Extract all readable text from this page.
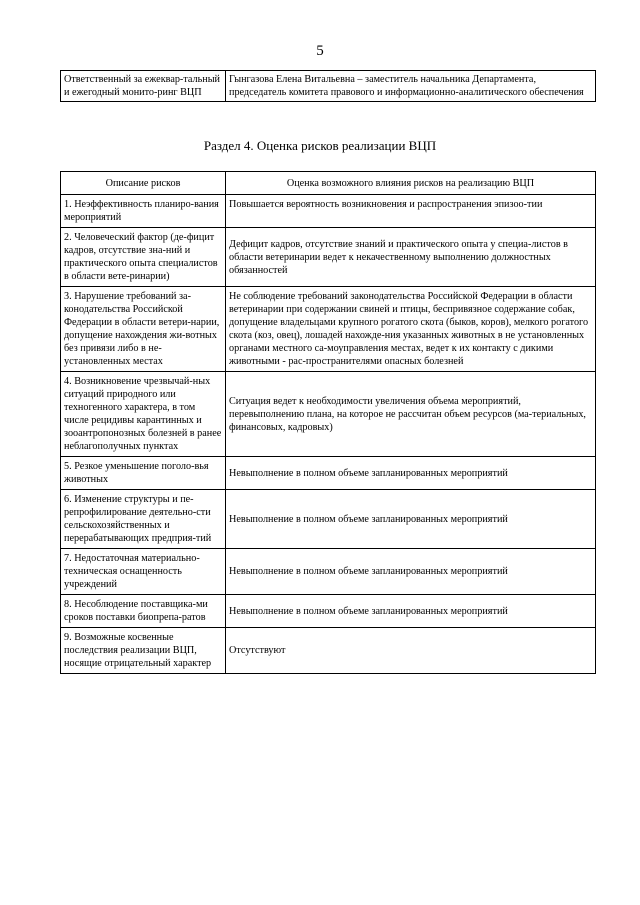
5
Ответственный за ежеквар-тальный и ежегодный монито-ринг ВЦП	Гынгазова Елена Витальевна – заместитель начальника Департамента, председатель комитета правового и информационно-аналитического обеспечения
Раздел 4. Оценка рисков реализации ВЦП
Описание рисков	Оценка возможного влияния рисков на реализацию ВЦП
1. Неэффективность планиро-вания мероприятий	Повышается вероятность возникновения и распространения эпизоо-тии
2. Человеческий фактор (де-фицит кадров, отсутствие зна-ний и практического опыта специалистов в области вете-ринарии)	Дефицит кадров, отсутствие знаний и практического опыта у специа-листов в области ветеринарии ведет к некачественному выполнению должностных обязанностей
3. Нарушение требований за-конодательства Российской Федерации в области ветери-нарии, допущение нахождения жи-вотных без привязи либо в не-установленных местах	Не соблюдение требований законодательства Российской Федерации в области ветеринарии при содержании свиней и птицы, беспривязное содержание собак, допущение владельцами крупного рогатого скота (быков, коров), мелкого рогатого скота (коз, овец), лошадей нахожде-ния указанных животных в не установленных органами местного са-моуправления местах, ведет к их контакту с дикими животными - рас-пространителями опасных болезней
4. Возникновение чрезвычай-ных ситуаций природного или техногенного характера, в том числе рецидивы карантинных и зооантропонозных болезней в ранее неблагополучных пунктах	Ситуация ведет к необходимости увеличения объема мероприятий, перевыполнению плана, на которое не рассчитан объем ресурсов (ма-териальных, финансовых, кадровых)
5. Резкое уменьшение поголо-вья животных	Невыполнение в полном объеме запланированных мероприятий
6. Изменение структуры и пе-репрофилирование деятельно-сти сельскохозяйственных и перерабатывающих предприя-тий	Невыполнение в полном объеме запланированных мероприятий
7. Недостаточная материально-техническая оснащенность учреждений	Невыполнение в полном объеме запланированных мероприятий
8. Несоблюдение поставщика-ми сроков поставки биопрепа-ратов	Невыполнение в полном объеме запланированных мероприятий
9. Возможные косвенные последствия реализации ВЦП, носящие отрицательный характер	Отсутствуют
